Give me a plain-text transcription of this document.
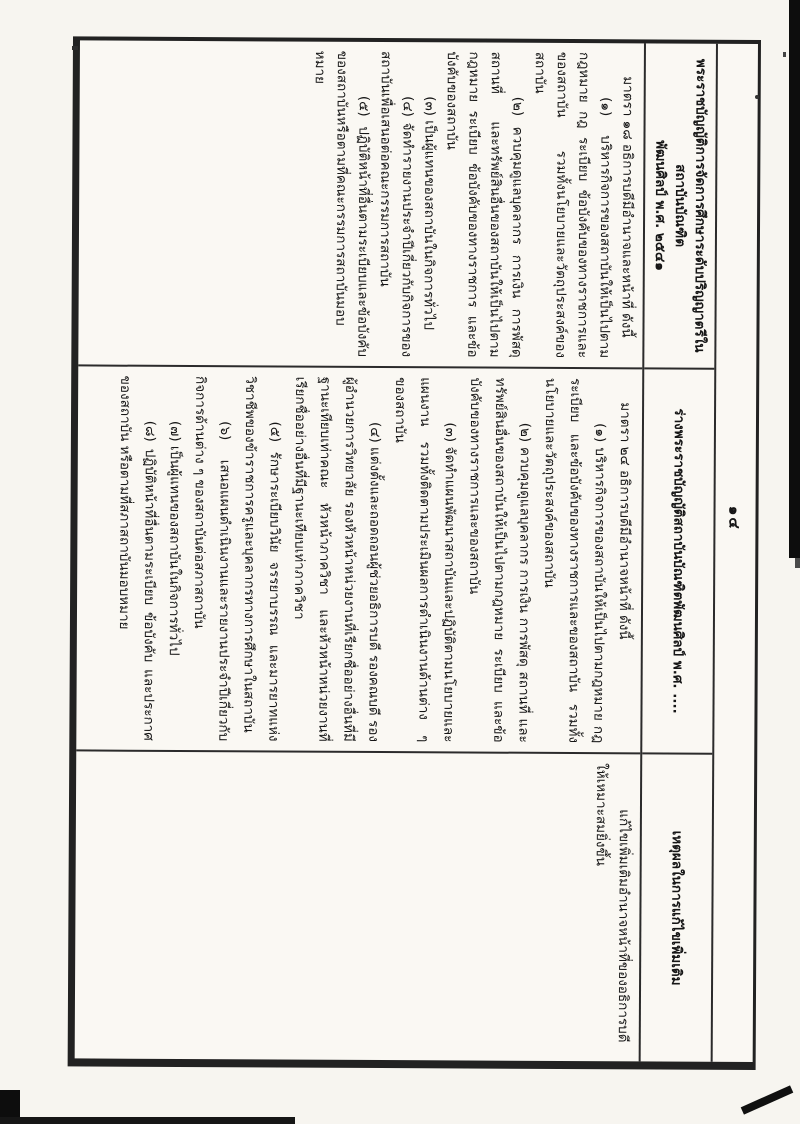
๑๔
พระราชบัญญัติการจัดการศึกษาระดับปริญญาตรีในสถาบันบัณฑิต
พัฒนศิลป์ พ.ศ. ๒๕๔๑
ร่างพระราชบัญญัติสถาบันบัณฑิตพัฒนศิลป์ พ.ศ. ....
เหตุผลในการแก้ไขเพิ่มเติม

มาตรา ๑๘ อธิการบดีมีอำนาจและหน้าที่ ดังนี้

(๑) บริหารกิจการของสถาบันให้เป็นไปตามกฎหมาย กฎ ระเบียบ ข้อบังคับของทางราชการและของสถาบัน รวมทั้งนโยบายและวัตถุประสงค์ของสถาบัน

(๒) ควบคุมดูแลบุคลากร การเงิน การพัสดุ สถานที่ และทรัพย์สินอื่นของสถาบันให้เป็นไปตามกฎหมาย ระเบียบ ข้อบังคับของทางราชการ และข้อบังคับของสถาบัน

(๓) เป็นผู้แทนของสถาบันในกิจการทั่วไป

(๔) จัดทำรายงานประจำปีเกี่ยวกับกิจการของสถาบันเพื่อเสนอต่อคณะกรรมการสถาบัน

(๕) ปฏิบัติหน้าที่อื่นตามระเบียบและข้อบังคับของสถาบันหรือตามที่คณะกรรมการสถาบันมอบหมาย

มาตรา ๒๔ อธิการบดีมีอำนาจหน้าที่ ดังนี้

(๑) บริหารกิจการของสถาบันให้เป็นไปตามกฎหมาย กฎ ระเบียบ และข้อบังคับของทางราชการและของสถาบัน รวมทั้งนโยบายและวัตถุประสงค์ของสถาบัน

(๒) ควบคุมดูแลบุคลากร การเงิน การพัสดุ สถานที่ และทรัพย์สินอื่นของสถาบันให้เป็นไปตามกฎหมาย ระเบียบ และข้อบังคับของทางราชการและของสถาบัน

(๓) จัดทำแผนพัฒนาสถาบันและปฏิบัติตามนโยบายและแผนงาน รวมทั้งติดตามประเมินผลการดำเนินงานด้านต่าง ๆ ของสถาบัน

(๔) แต่งตั้งและถอดถอนผู้ช่วยอธิการบดี รองคณบดี รองผู้อำนวยการวิทยาลัย รองหัวหน้าหน่วยงานที่เรียกชื่ออย่างอื่นที่มีฐานะเทียบเท่าคณะ หัวหน้าภาควิชา และหัวหน้าหน่วยงานที่เรียกชื่ออย่างอื่นที่มีฐานะเทียบเท่าภาควิชา

(๕) รักษาระเบียบวินัย จรรยาบรรณ และมารยาทแห่งวิชาชีพของข้าราชการครูและบุคลากรทางการศึกษาในสถาบัน

(๖) เสนอแผนดำเนินงานและรายงานประจำปีเกี่ยวกับกิจการด้านต่าง ๆ ของสถาบันต่อสภาสถาบัน

(๗) เป็นผู้แทนของสถาบันในกิจการทั่วไป

(๘) ปฏิบัติหน้าที่อื่นตามระเบียบ ข้อบังคับ และประกาศของสถาบัน หรือตามที่สภาสถาบันมอบหมาย

แก้ไขเพิ่มเติมอำนาจหน้าที่ของอธิการบดีให้เหมาะสมยิ่งขึ้น
